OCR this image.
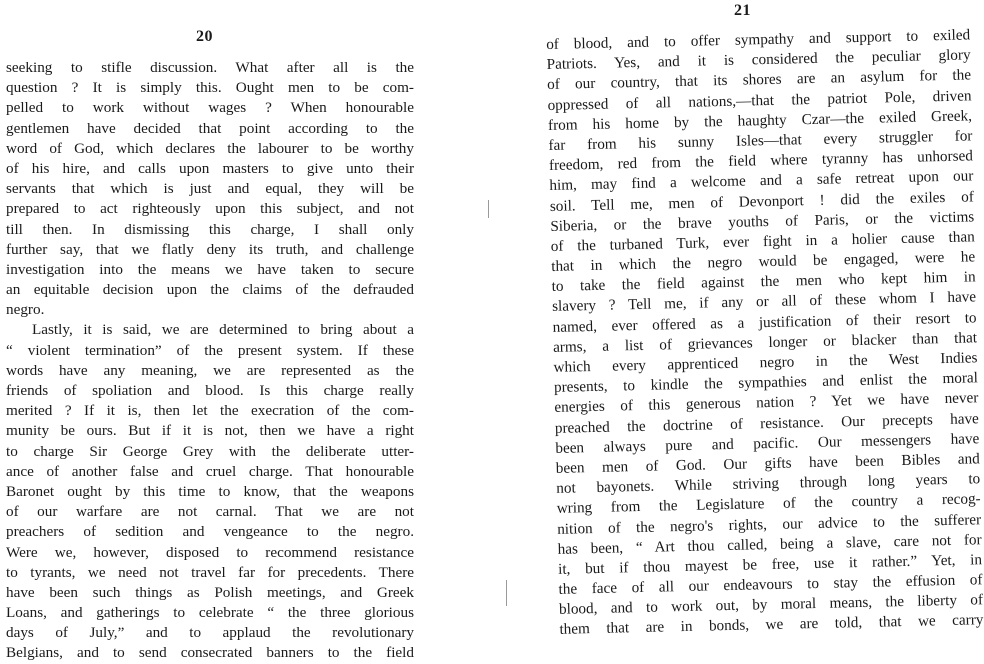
20
seeking to stifle discussion. What after all is the
question ? It is simply this. Ought men to be com-
pelled to work without wages ? When honourable
gentlemen have decided that point according to the
word of God, which declares the labourer to be worthy
of his hire, and calls upon masters to give unto their
servants that which is just and equal, they will be
prepared to act righteously upon this subject, and not
till then. In dismissing this charge, I shall only
further say, that we flatly deny its truth, and challenge
investigation into the means we have taken to secure
an equitable decision upon the claims of the defrauded
negro.
Lastly, it is said, we are determined to bring about a
“ violent termination” of the present system. If these
words have any meaning, we are represented as the
friends of spoliation and blood. Is this charge really
merited ? If it is, then let the execration of the com-
munity be ours. But if it is not, then we have a right
to charge Sir George Grey with the deliberate utter-
ance of another false and cruel charge. That honourable
Baronet ought by this time to know, that the weapons
of our warfare are not carnal. That we are not
preachers of sedition and vengeance to the negro.
Were we, however, disposed to recommend resistance
to tyrants, we need not travel far for precedents. There
have been such things as Polish meetings, and Greek
Loans, and gatherings to celebrate “ the three glorious
days of July,” and to applaud the revolutionary
Belgians, and to send consecrated banners to the field
21
of blood, and to offer sympathy and support to exiled
Patriots. Yes, and it is considered the peculiar glory
of our country, that its shores are an asylum for the
oppressed of all nations,—that the patriot Pole, driven
from his home by the haughty Czar—the exiled Greek,
far from his sunny Isles—that every struggler for
freedom, red from the field where tyranny has unhorsed
him, may find a welcome and a safe retreat upon our
soil. Tell me, men of Devonport ! did the exiles of
Siberia, or the brave youths of Paris, or the victims
of the turbaned Turk, ever fight in a holier cause than
that in which the negro would be engaged, were he
to take the field against the men who kept him in
slavery ? Tell me, if any or all of these whom I have
named, ever offered as a justification of their resort to
arms, a list of grievances longer or blacker than that
which every apprenticed negro in the West Indies
presents, to kindle the sympathies and enlist the moral
energies of this generous nation ? Yet we have never
preached the doctrine of resistance. Our precepts have
been always pure and pacific. Our messengers have
been men of God. Our gifts have been Bibles and
not bayonets. While striving through long years to
wring from the Legislature of the country a recog-
nition of the negro's rights, our advice to the sufferer
has been, “ Art thou called, being a slave, care not for
it, but if thou mayest be free, use it rather.” Yet, in
the face of all our endeavours to stay the effusion of
blood, and to work out, by moral means, the liberty of
them that are in bonds, we are told, that we carry
